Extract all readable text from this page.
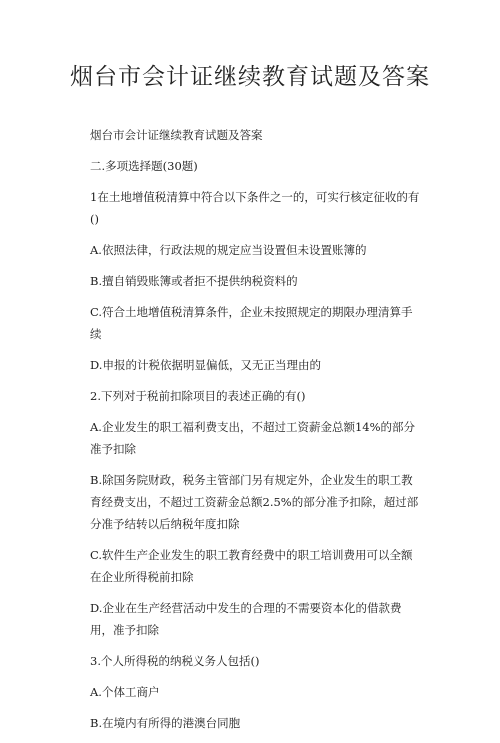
烟台市会计证继续教育试题及答案

烟台市会计证继续教育试题及答案

二.多项选择题(30题)

1在土地增值税清算中符合以下条件之一的，可实行核定征收的有()

A.依照法律，行政法规的规定应当设置但未设置账簿的

B.擅自销毁账簿或者拒不提供纳税资料的

C.符合土地增值税清算条件，企业未按照规定的期限办理清算手续

D.申报的计税依据明显偏低，又无正当理由的

2.下列对于税前扣除项目的表述正确的有()

A.企业发生的职工福利费支出，不超过工资薪金总额14%的部分准予扣除

B.除国务院财政，税务主管部门另有规定外，企业发生的职工教育经费支出，不超过工资薪金总额2.5%的部分准予扣除，超过部分准予结转以后纳税年度扣除

C.软件生产企业发生的职工教育经费中的职工培训费用可以全额在企业所得税前扣除

D.企业在生产经营活动中发生的合理的不需要资本化的借款费用，准予扣除

3.个人所得税的纳税义务人包括()

A.个体工商户

B.在境内有所得的港澳台同胞
